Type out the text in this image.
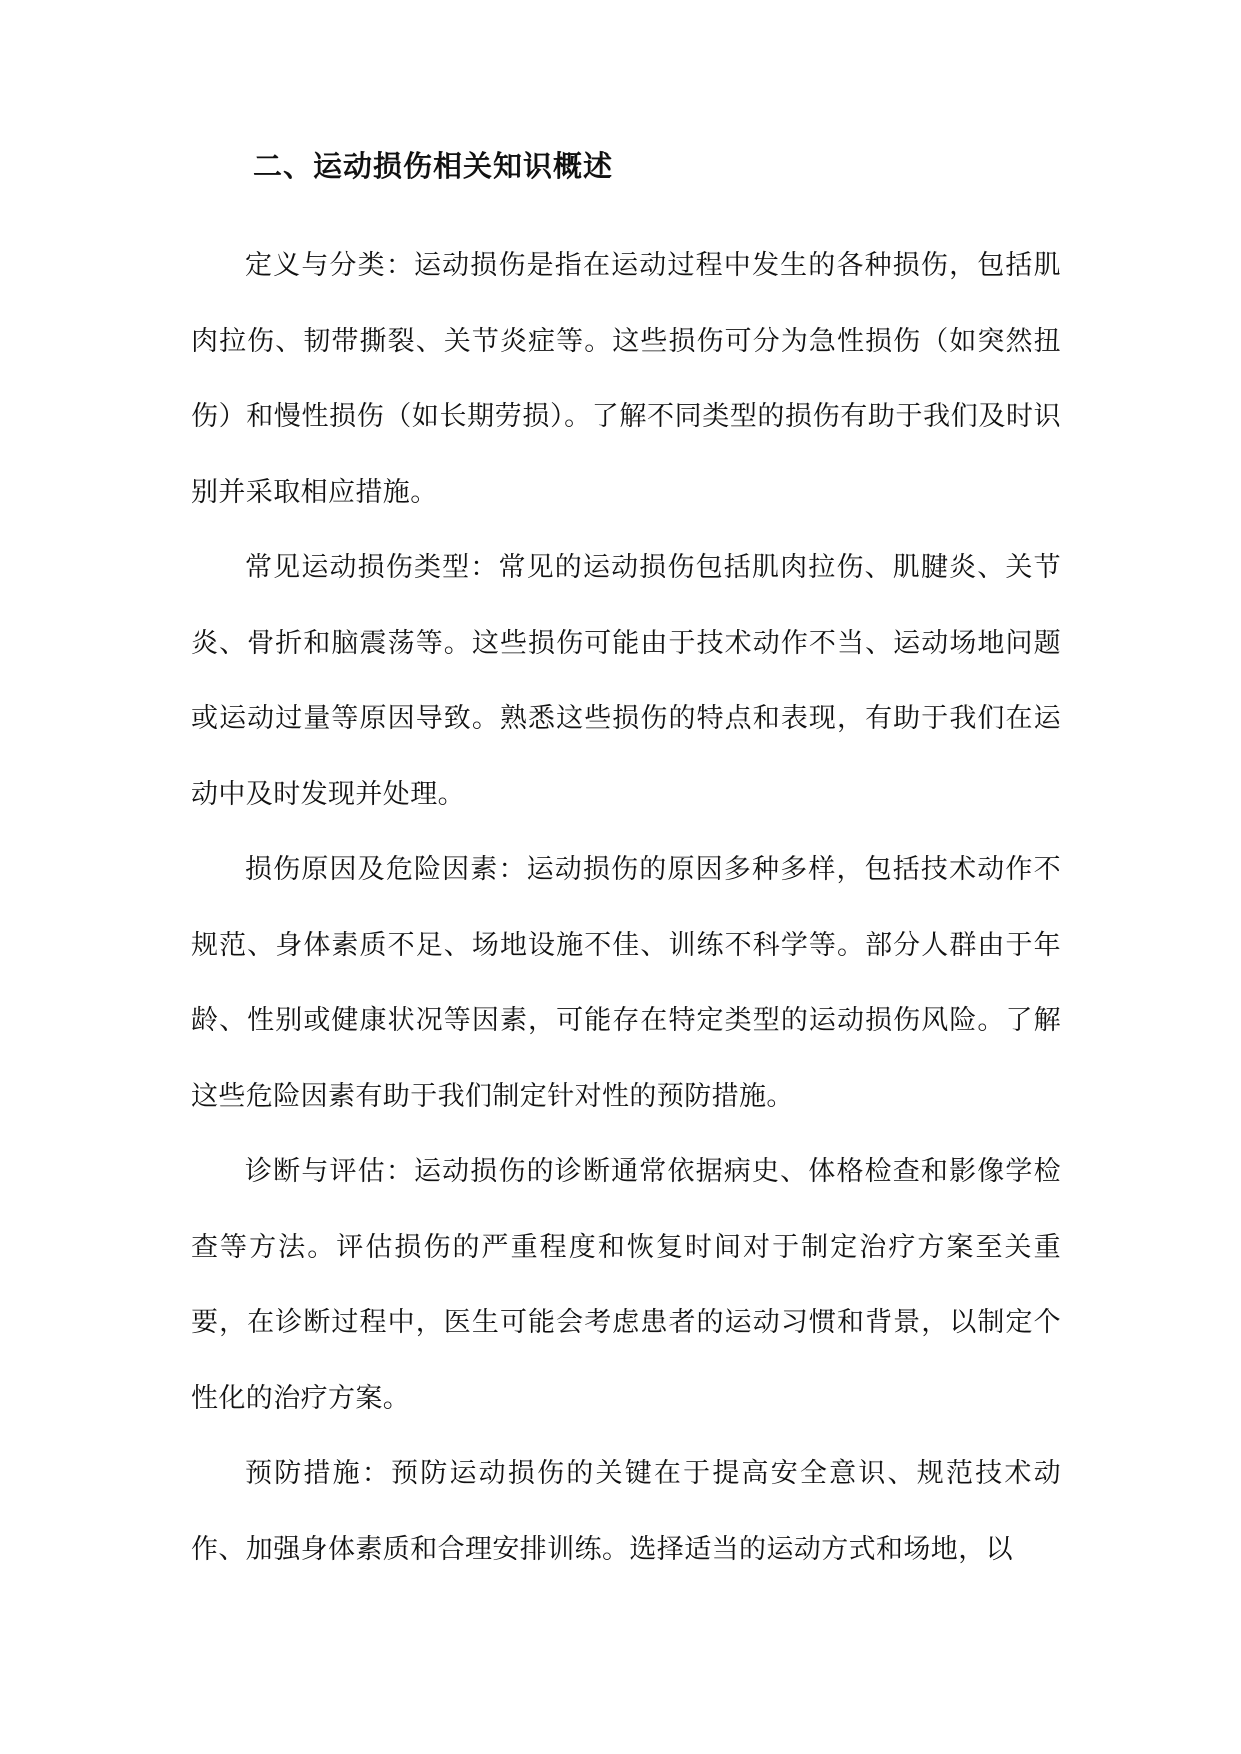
二、运动损伤相关知识概述

定义与分类：运动损伤是指在运动过程中发生的各种损伤，包括肌肉拉伤、韧带撕裂、关节炎症等。这些损伤可分为急性损伤（如突然扭伤）和慢性损伤（如长期劳损）。了解不同类型的损伤有助于我们及时识别并采取相应措施。

常见运动损伤类型：常见的运动损伤包括肌肉拉伤、肌腱炎、关节炎、骨折和脑震荡等。这些损伤可能由于技术动作不当、运动场地问题或运动过量等原因导致。熟悉这些损伤的特点和表现，有助于我们在运动中及时发现并处理。

损伤原因及危险因素：运动损伤的原因多种多样，包括技术动作不规范、身体素质不足、场地设施不佳、训练不科学等。部分人群由于年龄、性别或健康状况等因素，可能存在特定类型的运动损伤风险。了解这些危险因素有助于我们制定针对性的预防措施。

诊断与评估：运动损伤的诊断通常依据病史、体格检查和影像学检查等方法。评估损伤的严重程度和恢复时间对于制定治疗方案至关重要，在诊断过程中，医生可能会考虑患者的运动习惯和背景，以制定个性化的治疗方案。

预防措施：预防运动损伤的关键在于提高安全意识、规范技术动作、加强身体素质和合理安排训练。选择适当的运动方式和场地，以
